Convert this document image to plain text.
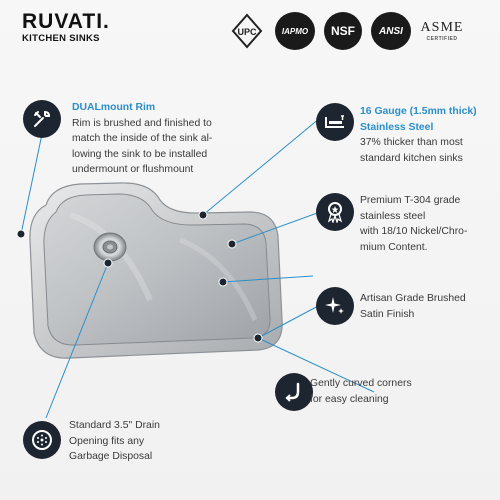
RUVATI.
KITCHEN SINKS
UPC	IAPMO NSF ANSI ASME
CERTIFIED
DUALmount Rim
Rim is brushed and finished to
match the inside of the sink al-
lowing the sink to be installed
undermount or flushmount
16 Gauge (1.5mm thick)
Stainless Steel
37% thicker than most
standard kitchen sinks
Premium T-304 grade
stainless steel
with 18/10 Nickel/Chro-
mium Content.
Artisan Grade Brushed
Satin Finish
Gently curved corners
for easy cleaning
Standard 3.5" Drain
Opening fits any
Garbage Disposal
